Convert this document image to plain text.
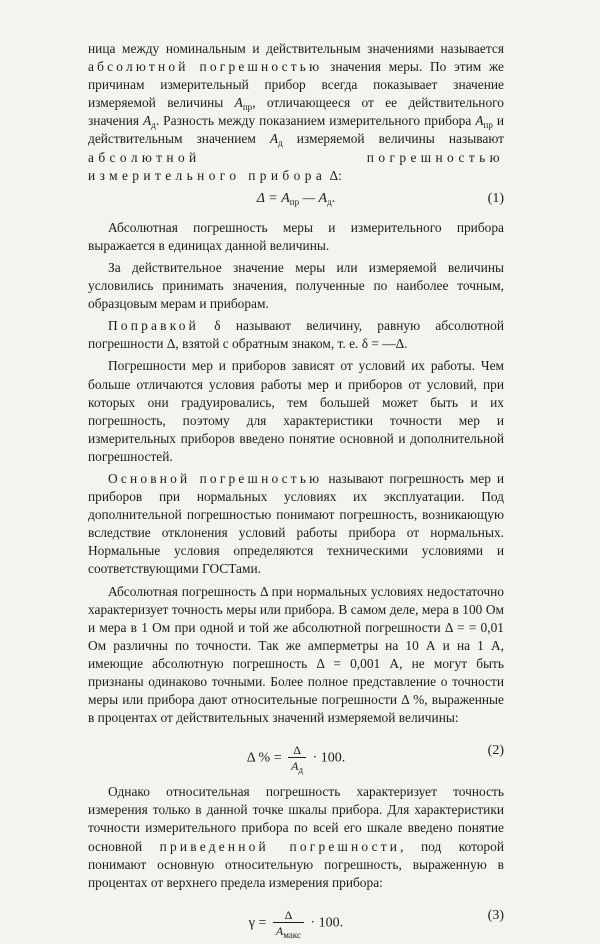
ница между номинальным и действительным значениями называется абсолютной погрешностью значения меры. По этим же причинам измерительный прибор всегда показывает значение измеряемой величины $A_{пр}$, отличающееся от ее действительного значения $A_д$. Разность между показанием измерительного прибора $A_{пр}$ и действительным значением $A_д$ измеряемой величины называют абсолютной погрешностью измерительного прибора Δ:

$\Delta = A_{пр}$ — $A_д$.	(1)

Абсолютная погрешность меры и измерительного прибора выражается в единицах данной величины.

За действительное значение меры или измеряемой величины условились принимать значения, полученные по наиболее точным, образцовым мерам и приборам.

Поправкой δ называют величину, равную абсолютной погрешности Δ, взятой с обратным знаком, т. е. δ = —Δ.

Погрешности мер и приборов зависят от условий их работы. Чем больше отличаются условия работы мер и приборов от условий, при которых они градуировались, тем большей может быть и их погрешность, поэтому для характеристики точности мер и измерительных приборов введено понятие основной и дополнительной погрешностей.

Основной погрешностью называют погрешность мер и приборов при нормальных условиях их эксплуатации. Под дополнительной погрешностью понимают погрешность, возникающую вследствие отклонения условий работы прибора от нормальных. Нормальные условия определяются техническими условиями и соответствующими ГОСТами.

Абсолютная погрешность Δ при нормальных условиях недостаточно характеризует точность меры или прибора. В самом деле, мера в 100 Ом и мера в 1 Ом при одной и той же абсолютной погрешности Δ = = 0,01 Ом различны по точности. Так же амперметры на 10 А и на 1 А, имеющие абсолютную погрешность Δ = 0,001 А, не могут быть признаны одинаково точными. Более полное представление о точности меры или прибора дают относительные погрешности Δ %, выраженные в процентах от действительных значений измеряемой величины:

Δ % = $\frac{\Delta}{A_д} \cdot 100$.
(2)

Однако относительная погрешность характеризует точность измерения только в данной точке шкалы прибора. Для характеристики точности измерительного прибора по всей его шкале введено понятие основной приведенной погрешности, под которой понимают основную относительную погрешность, выраженную в процентах от верхнего предела измерения прибора:

$\gamma = \frac{\Delta}{A_{макс}} \cdot 100$.
(3)
